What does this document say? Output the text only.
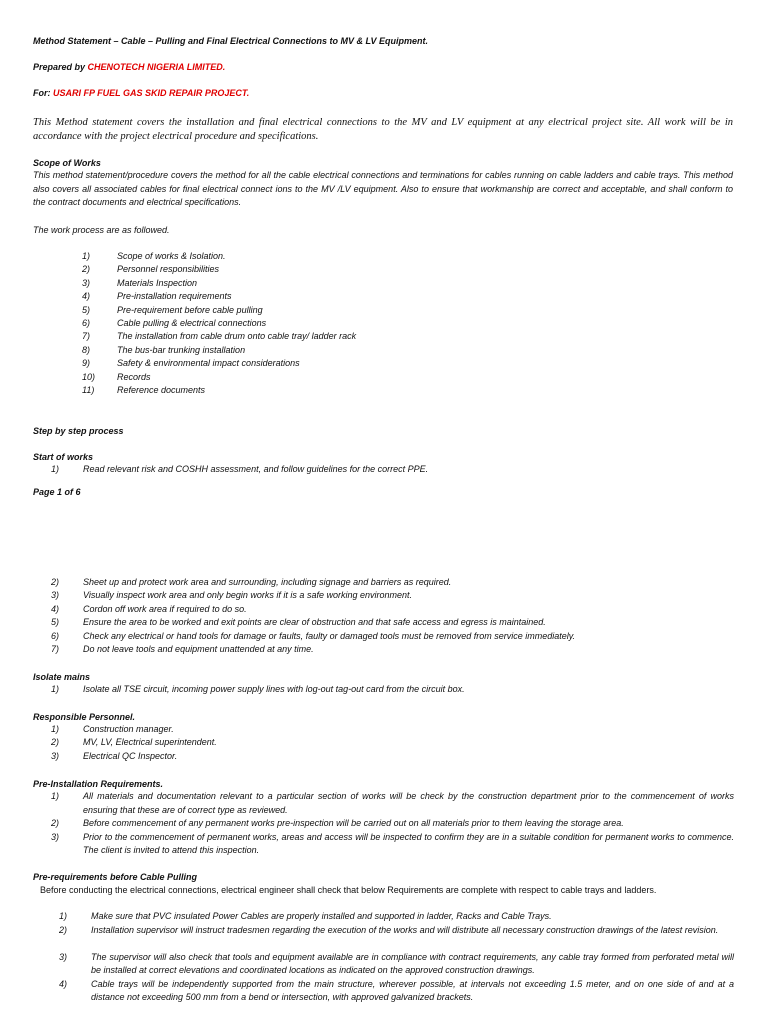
Method Statement – Cable – Pulling and Final Electrical Connections to MV & LV Equipment.
Prepared by CHENOTECH NIGERIA LIMITED.
For: USARI FP FUEL GAS SKID REPAIR PROJECT.
This Method statement covers the installation and final electrical connections to the MV and LV equipment at any electrical project site. All work will be in accordance with the project electrical procedure and specifications.
Scope of Works
This method statement/procedure covers the method for all the cable electrical connections and terminations for cables running on cable ladders and cable trays. This method also covers all associated cables for final electrical connect ions to the MV /LV equipment. Also to ensure that workmanship are correct and acceptable, and shall conform to the contract documents and electrical specifications.
The work process are as followed.
1)	Scope of works & Isolation.
2)	Personnel responsibilities
3)	Materials Inspection
4)	Pre-installation requirements
5)	Pre-requirement before cable pulling
6)	Cable pulling & electrical connections
7)	The installation from cable drum onto cable tray/ ladder rack
8)	The bus-bar trunking installation
9)	Safety & environmental impact considerations
10)	Records
11)	Reference documents
Step by step process
Start of works
1)	Read relevant risk and COSHH assessment, and follow guidelines for the correct PPE.
Page 1 of 6
2)	Sheet up and protect work area and surrounding, including signage and barriers as required.
3)	Visually inspect work area and only begin works if it is a safe working environment.
4)	Cordon off work area if required to do so.
5)	Ensure the area to be worked and exit points are clear of obstruction and that safe access and egress is maintained.
6)	Check any electrical or hand tools for damage or faults, faulty or damaged tools must be removed from service immediately.
7)	Do not leave tools and equipment unattended at any time.
Isolate mains
1)	Isolate all TSE circuit, incoming power supply lines with log-out tag-out card from the circuit box.
Responsible Personnel.
1)	Construction manager.
2)	MV, LV, Electrical superintendent.
3)	Electrical QC Inspector.
Pre-Installation Requirements.
1)	All materials and documentation relevant to a particular section of works will be check by the construction department prior to the commencement of works ensuring that these are of correct type as reviewed.
2)	Before commencement of any permanent works pre-inspection will be carried out on all materials prior to them leaving the storage area.
3)	Prior to the commencement of permanent works, areas and access will be inspected to confirm they are in a suitable condition for permanent works to commence. The client is invited to attend this inspection.
Pre-requirements before Cable Pulling
Before conducting the electrical connections, electrical engineer shall check that below Requirements are complete with respect to cable trays and ladders.
1)	Make sure that PVC insulated Power Cables are properly installed and supported in ladder, Racks and Cable Trays.
2)	Installation supervisor will instruct tradesmen regarding the execution of the works and will distribute all necessary construction drawings of the latest revision.
3)	The supervisor will also check that tools and equipment available are in compliance with contract requirements, any cable tray formed from perforated metal will be installed at correct elevations and coordinated locations as indicated on the approved construction drawings.
4)	Cable trays will be independently supported from the main structure, wherever possible, at intervals not exceeding 1.5 meter, and on one side of and at a distance not exceeding 500 mm from a bend or intersection, with approved galvanized brackets.
